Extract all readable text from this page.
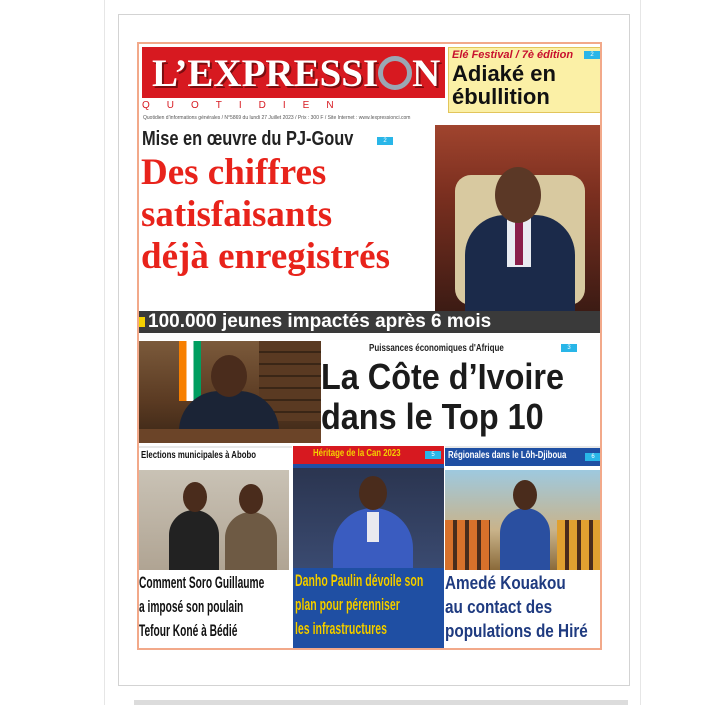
L’EXPRESSI N
QUOTIDIEN
Quotidien d’informations générales / N°5869 du lundi 27 Juillet 2023 / Prix : 300 F / Site Internet : www.lexpressionci.com
Elé Festival / 7è édition	2
Adiaké en
ébullition
Mise en œuvre du PJ-Gouv	2
Des chiffres
satisfaisants
déjà enregistrés
100.000 jeunes impactés après 6 mois
Puissances économiques d'Afrique	3
La Côte d’Ivoire
dans le Top 10
Elections municipales à Abobo
Comment Soro Guillaume
a imposé son poulain
Tefour Koné à Bédié
Héritage de la Can 2023	5
Danho Paulin dévoile son
plan pour pérenniser
les infrastructures
Régionales dans le Lôh-Djiboua	6
Amedé Kouakou
au contact des
populations de Hiré
